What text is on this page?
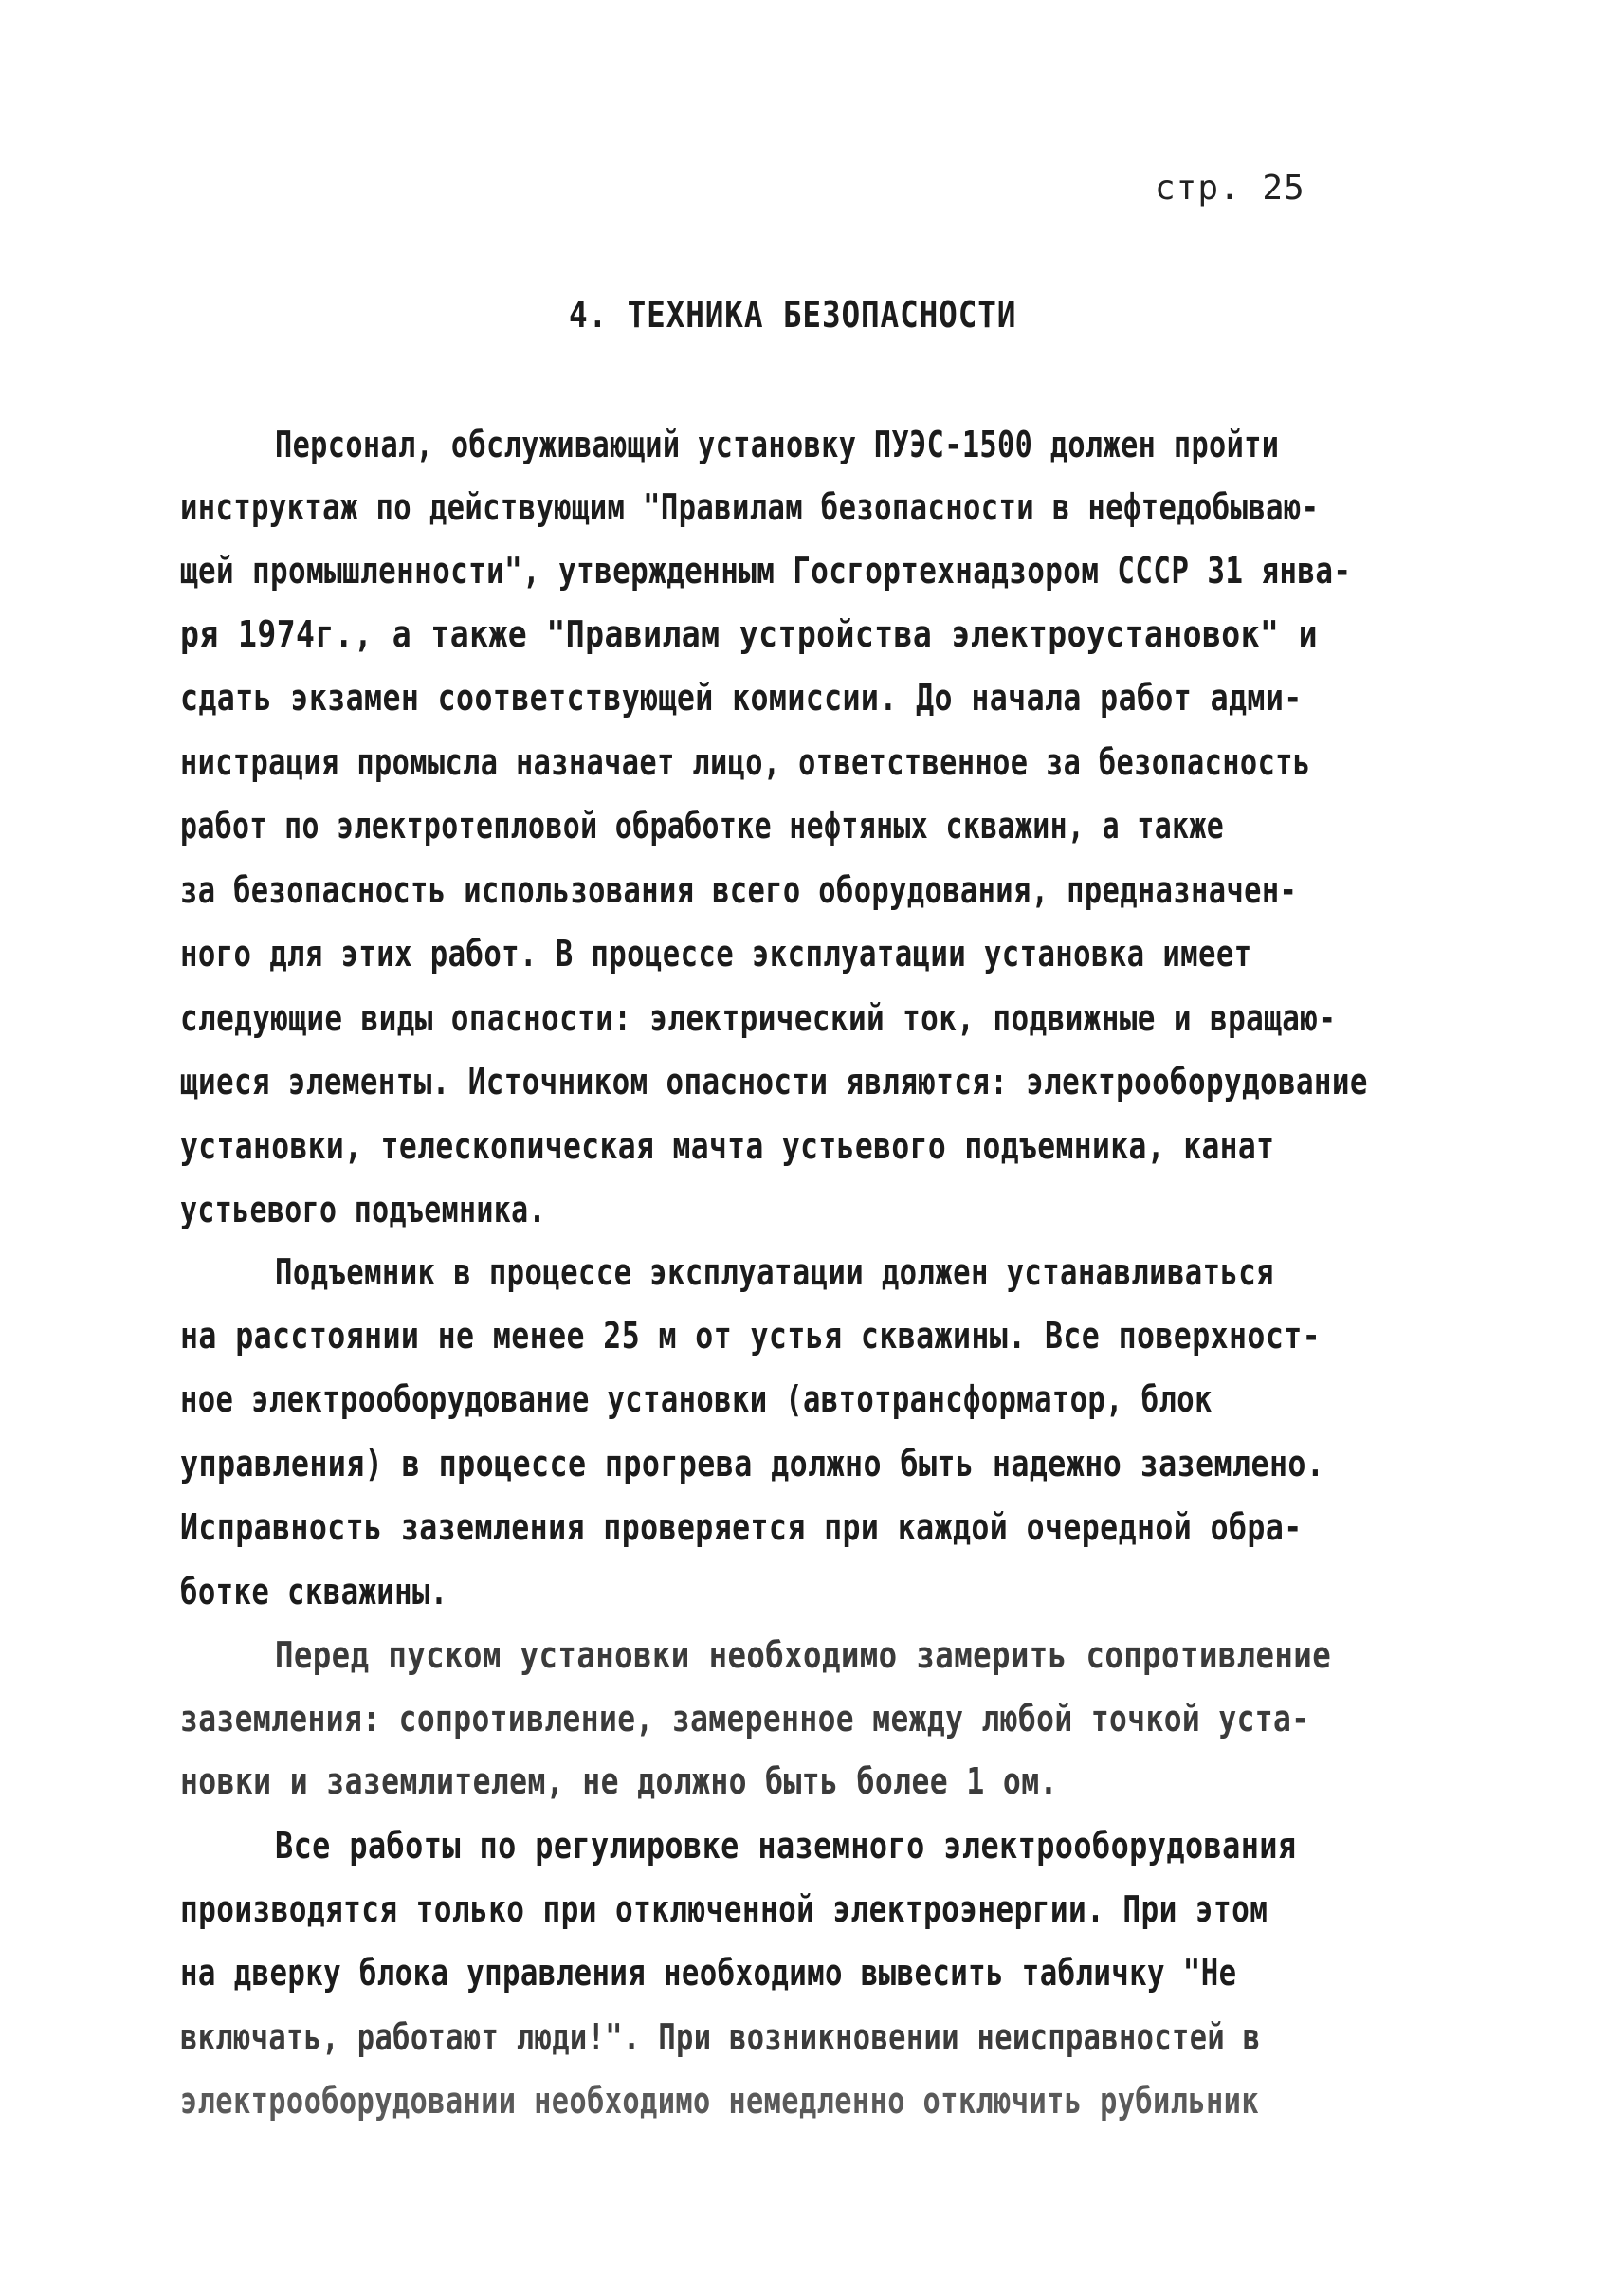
стр. 25
4. ТЕХНИКА БЕЗОПАСНОСТИ
Персонал, обслуживающий установку ПУЭС-1500 должен пройти
инструктаж по действующим "Правилам безопасности в нефтедобываю-
щей промышленности", утвержденным Госгортехнадзором СССР 31 янва-
ря 1974г., а также "Правилам устройства электроустановок" и
сдать экзамен соответствующей комиссии. До начала работ адми-
нистрация промысла назначает лицо, ответственное за безопасность
работ по электротепловой обработке нефтяных скважин, а также
за безопасность использования всего оборудования, предназначен-
ного для этих работ. В процессе эксплуатации установка имеет
следующие виды опасности: электрический ток, подвижные и вращаю-
щиеся элементы. Источником опасности являются: электрооборудование
установки, телескопическая мачта устьевого подъемника, канат
устьевого подъемника.
Подъемник в процессе эксплуатации должен устанавливаться
на расстоянии не менее 25 м от устья скважины. Все поверхност-
ное электрооборудование установки (автотрансформатор, блок
управления) в процессе прогрева должно быть надежно заземлено.
Исправность заземления проверяется при каждой очередной обра-
ботке скважины.
Перед пуском установки необходимо замерить сопротивление
заземления: сопротивление, замеренное между любой точкой уста-
новки и заземлителем, не должно быть более 1 ом.
Все работы по регулировке наземного электрооборудования
производятся только при отключенной электроэнергии. При этом
на дверку блока управления необходимо вывесить табличку "Не
включать, работают люди!". При возникновении неисправностей в
электрооборудовании необходимо немедленно отключить рубильник
